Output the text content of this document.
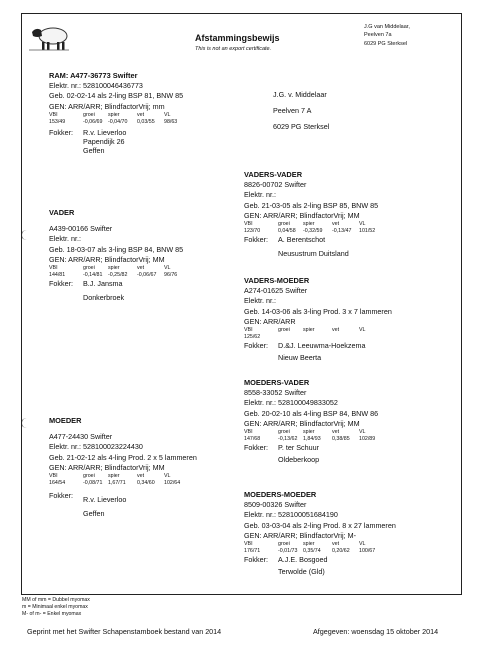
Afstammingsbewijs
This is not an export certificate.
J.G van Middelaar,
Peelven 7a
6029 PG Sterksel
RAM: A477-36773 Swifter
Elektr. nr.: 528100046436773
Geb. 02-02-14 als 2-ling BSP 81, BNW 85
GEN: ARR/ARR; BlindfactorVrij; mm
VBI	groei	spier	vet	VL
153/49	-0,06/69	-0,04/70	0,03/55	98/63
Fokker:	R.v. Lieverloo
Papendijk 26
Geffen
J.G. v. Middelaar
Peelven 7 A
6029 PG Sterksel
VADER
A439-00166 Swifter
Elektr. nr.:
Geb. 18-03-07 als 3-ling BSP 84, BNW 85
GEN: ARR/ARR; BlindfactorVrij; MM
VBI	groei	spier	vet	VL
144/81	-0,14/81	-0,25/82	-0,06/67	96/76
Fokker:	B.J. Jansma
Donkerbroek
MOEDER
A477-24430 Swifter
Elektr. nr.: 528100023224430
Geb. 21-02-12 als 4-ling Prod. 2 x 5 lammeren
GEN: ARR/ARR; BlindfactorVrij; MM
VBI	groei	spier	vet	VL
164/54	-0,08/71	1,67/71	0,34/60	102/64
Fokker:	R.v. Lieverloo
Geffen
VADERS-VADER
8826-00702 Swifter
Elektr. nr.:
Geb. 21-03-05 als 2-ling BSP 85, BNW 85
GEN: ARR/ARR; BlindfactorVrij; MM
VBI	groei	spier	vet	VL
123/70	0,04/58	-0,32/59	-0,13/47	101/52
Fokker:	A. Berentschot
Neusustrum Duitsland
VADERS-MOEDER
A274-01625 Swifter
Elektr. nr.:
Geb. 14-03-06 als 3-ling Prod. 3 x 7 lammeren
GEN: ARR/ARR
VBI	groei	spier	vet	VL
125/62
Fokker:	D.&J. Leeuwma-Hoekzema
Nieuw Beerta
MOEDERS-VADER
8558-33052 Swifter
Elektr. nr.: 528100049833052
Geb. 20-02-10 als 4-ling BSP 84, BNW 86
GEN: ARR/ARR; BlindfactorVrij; MM
VBI	groei	spier	vet	VL
147/68	-0,13/62	1,84/93	0,38/85	102/89
Fokker:	P. ter Schuur
Oldeberkoop
MOEDERS-MOEDER
8509-00326 Swifter
Elektr. nr.: 528100051684190
Geb. 03-03-04 als 2-ling Prod. 8 x 27 lammeren
GEN: ARR/ARR; BlindfactorVrij; M-
VBI	groei	spier	vet	VL
176/71	-0,01/73	0,35/74	0,20/62	100/67
Fokker:	A.J.E. Bosgoed
Terwolde (Gld)
MM of mm = Dubbel myomax
m = Minimaal enkel myomax
M- of m- = Enkel myomax
Geprint met het Swifter Schapenstamboek bestand van 2014	Afgegeven: woensdag 15 oktober 2014
